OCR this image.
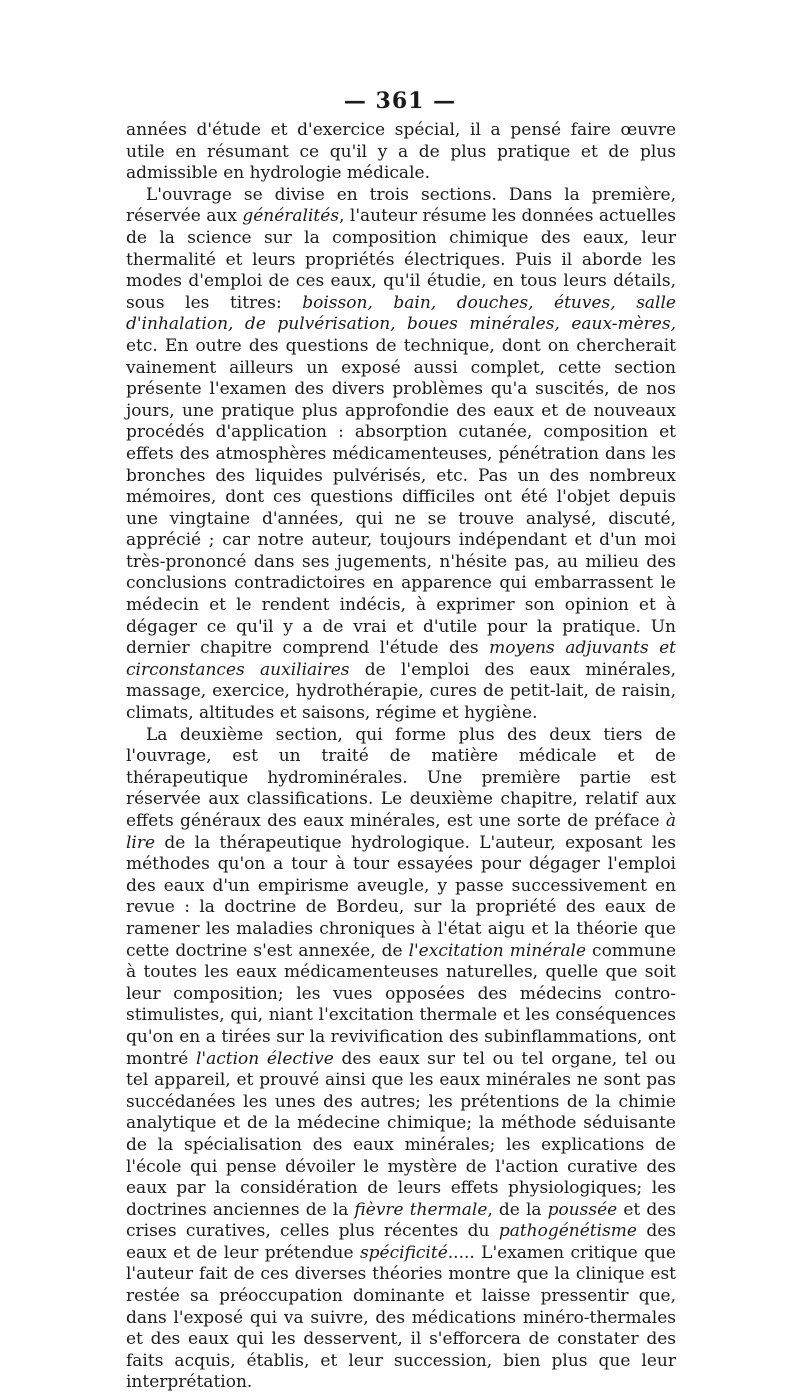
— 361 —

années d'étude et d'exercice spécial, il a pensé faire œuvre utile en résumant ce qu'il y a de plus pratique et de plus admissible en hydrologie médicale.

L'ouvrage se divise en trois sections. Dans la première, réservée aux généralités, l'auteur résume les données actuelles de la science sur la composition chimique des eaux, leur thermalité et leurs propriétés électriques. Puis il aborde les modes d'emploi de ces eaux, qu'il étudie, en tous leurs détails, sous les titres: boisson, bain, douches, étuves, salle d'inhalation, de pulvérisation, boues minérales, eaux-mères, etc. En outre des questions de technique, dont on chercherait vainement ailleurs un exposé aussi complet, cette section présente l'examen des divers problèmes qu'a suscités, de nos jours, une pratique plus approfondie des eaux et de nouveaux procédés d'application : absorption cutanée, composition et effets des atmosphères médicamenteuses, pénétration dans les bronches des liquides pulvérisés, etc. Pas un des nombreux mémoires, dont ces questions difficiles ont été l'objet depuis une vingtaine d'années, qui ne se trouve analysé, discuté, apprécié ; car notre auteur, toujours indépendant et d'un moi très-prononcé dans ses jugements, n'hésite pas, au milieu des conclusions contradictoires en apparence qui embarrassent le médecin et le rendent indécis, à exprimer son opinion et à dégager ce qu'il y a de vrai et d'utile pour la pratique. Un dernier chapitre comprend l'étude des moyens adjuvants et circonstances auxiliaires de l'emploi des eaux minérales, massage, exercice, hydrothérapie, cures de petit-lait, de raisin, climats, altitudes et saisons, régime et hygiène.

La deuxième section, qui forme plus des deux tiers de l'ouvrage, est un traité de matière médicale et de thérapeutique hydrominérales. Une première partie est réservée aux classifications. Le deuxième chapitre, relatif aux effets généraux des eaux minérales, est une sorte de préface à lire de la thérapeutique hydrologique. L'auteur, exposant les méthodes qu'on a tour à tour essayées pour dégager l'emploi des eaux d'un empirisme aveugle, y passe successivement en revue : la doctrine de Bordeu, sur la propriété des eaux de ramener les maladies chroniques à l'état aigu et la théorie que cette doctrine s'est annexée, de l'excitation minérale commune à toutes les eaux médicamenteuses naturelles, quelle que soit leur composition; les vues opposées des médecins contro-stimulistes, qui, niant l'excitation thermale et les conséquences qu'on en a tirées sur la revivification des subinflammations, ont montré l'action élective des eaux sur tel ou tel organe, tel ou tel appareil, et prouvé ainsi que les eaux minérales ne sont pas succédanées les unes des autres; les prétentions de la chimie analytique et de la médecine chimique; la méthode séduisante de la spécialisation des eaux minérales; les explications de l'école qui pense dévoiler le mystère de l'action curative des eaux par la considération de leurs effets physiologiques; les doctrines anciennes de la fièvre thermale, de la poussée et des crises curatives, celles plus récentes du pathogénétisme des eaux et de leur prétendue spécificité..... L'examen critique que l'auteur fait de ces diverses théories montre que la clinique est restée sa préoccupation dominante et laisse pressentir que, dans l'exposé qui va suivre, des médications minéro-thermales et des eaux qui les desservent, il s'efforcera de constater des faits acquis, établis, et leur succession, bien plus que leur interprétation.
